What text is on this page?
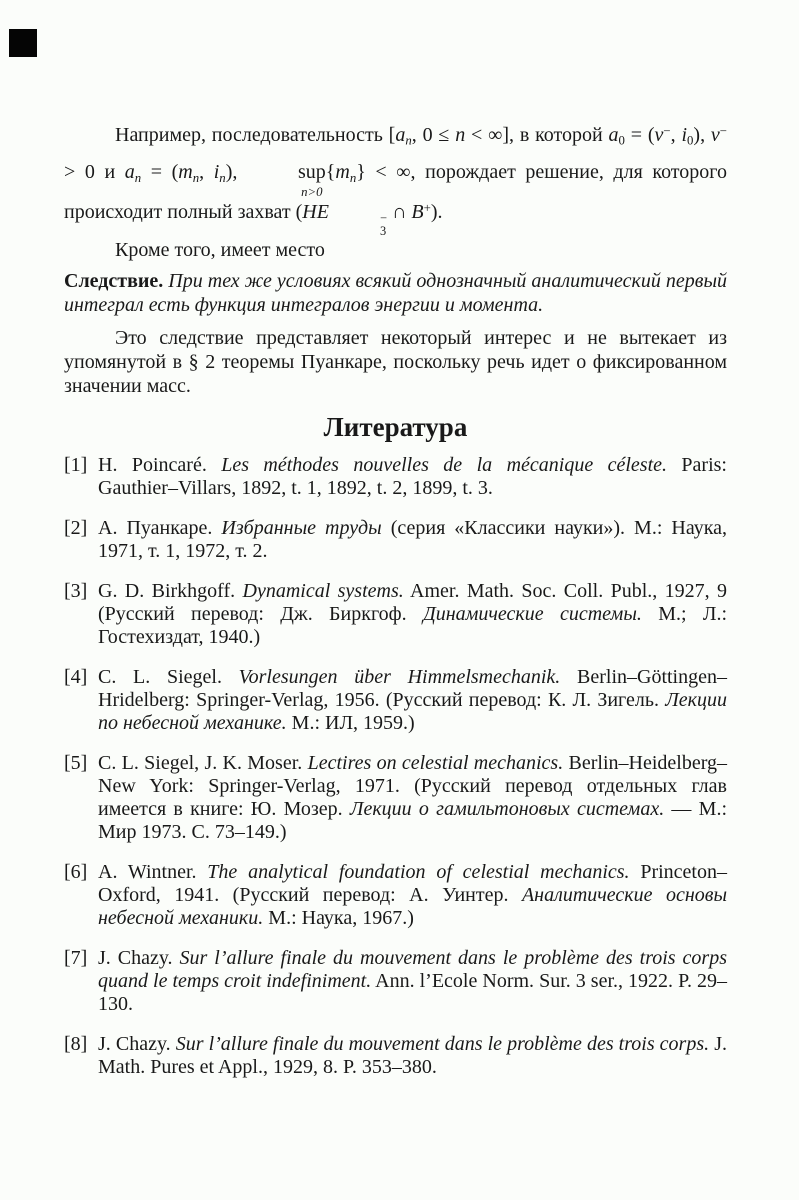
Например, последовательность [an, 0 ≤ n < ∞], в которой a0 = (v−, i0), v− > 0 и an = (mn, in),	sup
n>0
{mn} < ∞, порождает решение, для которого происходит полный захват (HE	−
3
∩ B+).

Кроме того, имеет место

Следствие. При тех же условиях всякий однозначный аналитический первый интеграл есть функция интегралов энергии и момента.

Это следствие представляет некоторый интерес и не вытекает из упомянутой в § 2 теоремы Пуанкаре, поскольку речь идет о фиксированном значении масс.

Литература
[1] H. Poincaré. Les méthodes nouvelles de la mécanique céleste. Paris: Gauthier–Villars, 1892, t. 1, 1892, t. 2, 1899, t. 3.
[2] А. Пуанкаре. Избранные труды (серия «Классики науки»). М.: Наука, 1971, т. 1, 1972, т. 2.
[3] G. D. Birkhgoff. Dynamical systems. Amer. Math. Soc. Coll. Publ., 1927, 9 (Русский перевод: Дж. Биркгоф. Динамические системы. М.; Л.: Гостехиздат, 1940.)
[4] C. L. Siegel. Vorlesungen über Himmelsmechanik. Berlin–Göttingen–Hridelberg: Springer-Verlag, 1956. (Русский перевод: К. Л. Зигель. Лекции по небесной механике. М.: ИЛ, 1959.)
[5] C. L. Siegel, J. K. Moser. Lectires on celestial mechanics. Berlin–Heidelberg–New York: Springer-Verlag, 1971. (Русский перевод отдельных глав имеется в книге: Ю. Мозер. Лекции о гамильтоновых системах. — М.: Мир 1973. С. 73–149.)
[6] A. Wintner. The analytical foundation of celestial mechanics. Princeton–Oxford, 1941. (Русский перевод: А. Уинтер. Аналитические основы небесной механики. М.: Наука, 1967.)
[7] J. Chazy. Sur l’allure finale du mouvement dans le problème des trois corps quand le temps croit indefiniment. Ann. l’Ecole Norm. Sur. 3 ser., 1922. P. 29–130.
[8] J. Chazy. Sur l’allure finale du mouvement dans le problème des trois corps. J. Math. Pures et Appl., 1929, 8. P. 353–380.
